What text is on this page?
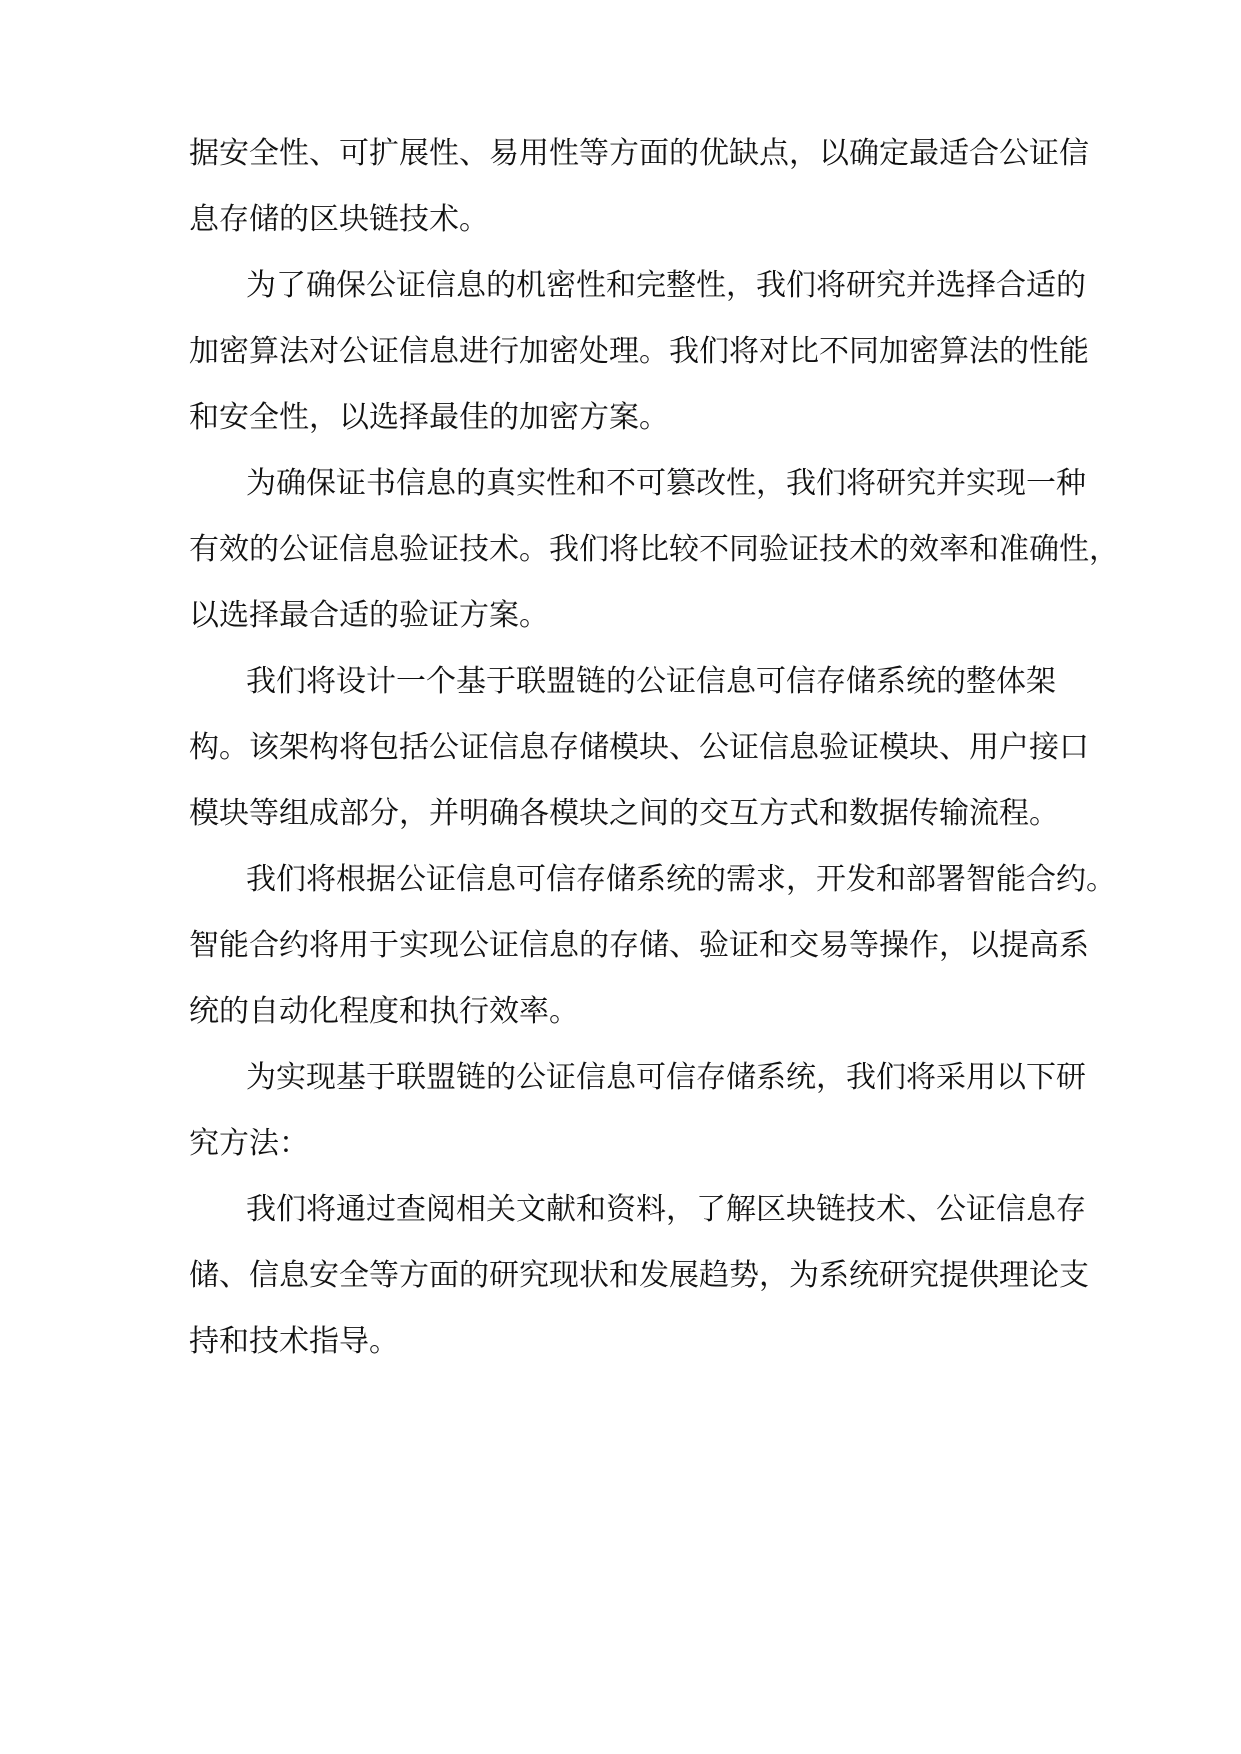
据安全性、可扩展性、易用性等方面的优缺点，以确定最适合公证信
息存储的区块链技术。
为了确保公证信息的机密性和完整性，我们将研究并选择合适的
加密算法对公证信息进行加密处理。我们将对比不同加密算法的性能
和安全性，以选择最佳的加密方案。
为确保证书信息的真实性和不可篡改性，我们将研究并实现一种
有效的公证信息验证技术。我们将比较不同验证技术的效率和准确性，
以选择最合适的验证方案。
我们将设计一个基于联盟链的公证信息可信存储系统的整体架
构。该架构将包括公证信息存储模块、公证信息验证模块、用户接口
模块等组成部分，并明确各模块之间的交互方式和数据传输流程。
我们将根据公证信息可信存储系统的需求，开发和部署智能合约。
智能合约将用于实现公证信息的存储、验证和交易等操作，以提高系
统的自动化程度和执行效率。
为实现基于联盟链的公证信息可信存储系统，我们将采用以下研
究方法：
我们将通过查阅相关文献和资料，了解区块链技术、公证信息存
储、信息安全等方面的研究现状和发展趋势，为系统研究提供理论支
持和技术指导。
